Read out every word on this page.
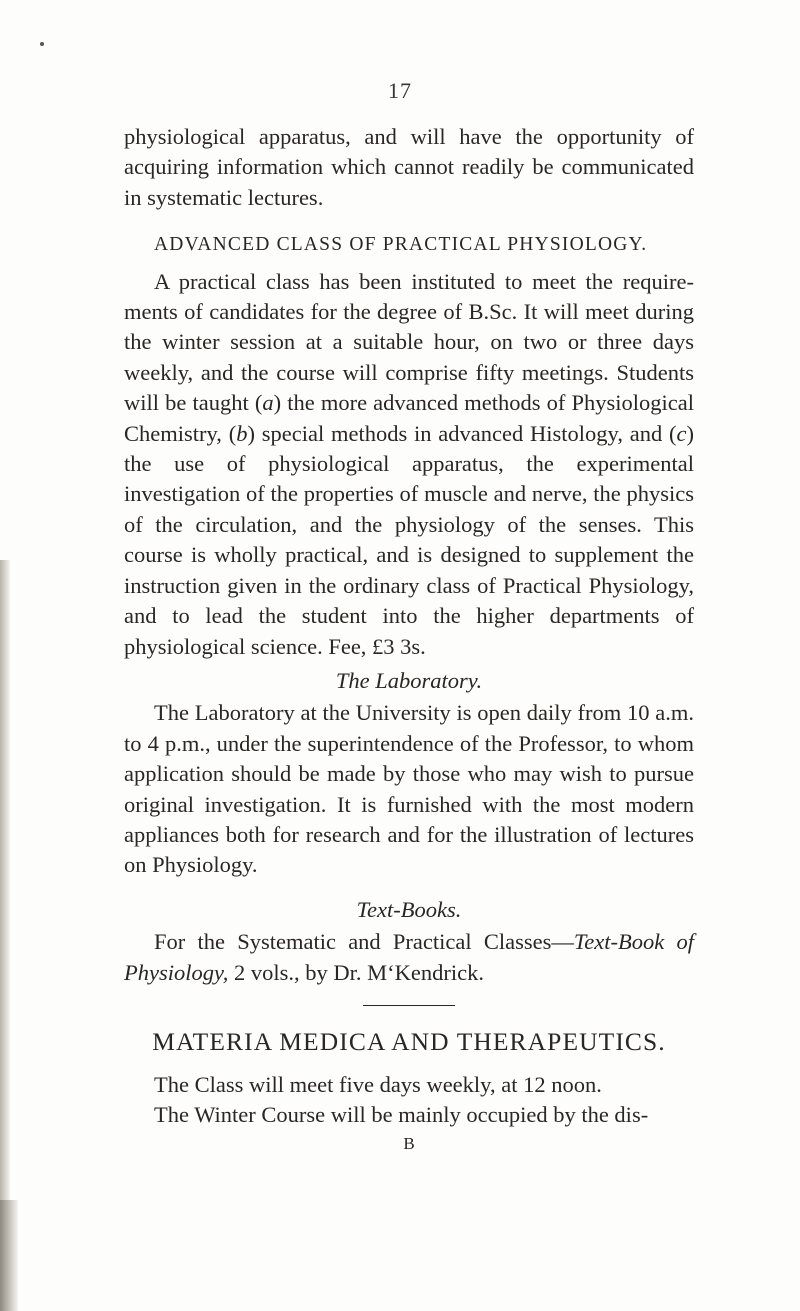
17

physiological apparatus, and will have the opportunity of acquiring information which cannot readily be communicated in systematic lectures.

ADVANCED CLASS OF PRACTICAL PHYSIOLOGY.

A practical class has been instituted to meet the requirements of candidates for the degree of B.Sc. It will meet during the winter session at a suitable hour, on two or three days weekly, and the course will comprise fifty meetings. Students will be taught (a) the more advanced methods of Physiological Chemistry, (b) special methods in advanced Histology, and (c) the use of physiological apparatus, the experimental investigation of the properties of muscle and nerve, the physics of the circulation, and the physiology of the senses. This course is wholly practical, and is designed to supplement the instruction given in the ordinary class of Practical Physiology, and to lead the student into the higher departments of physiological science. Fee, £3 3s.

The Laboratory.

The Laboratory at the University is open daily from 10 a.m. to 4 p.m., under the superintendence of the Professor, to whom application should be made by those who may wish to pursue original investigation. It is furnished with the most modern appliances both for research and for the illustration of lectures on Physiology.

Text-Books.

For the Systematic and Practical Classes—Text-Book of Physiology, 2 vols., by Dr. M‘Kendrick.

MATERIA MEDICA AND THERAPEUTICS.

The Class will meet five days weekly, at 12 noon.

The Winter Course will be mainly occupied by the dis-

B
